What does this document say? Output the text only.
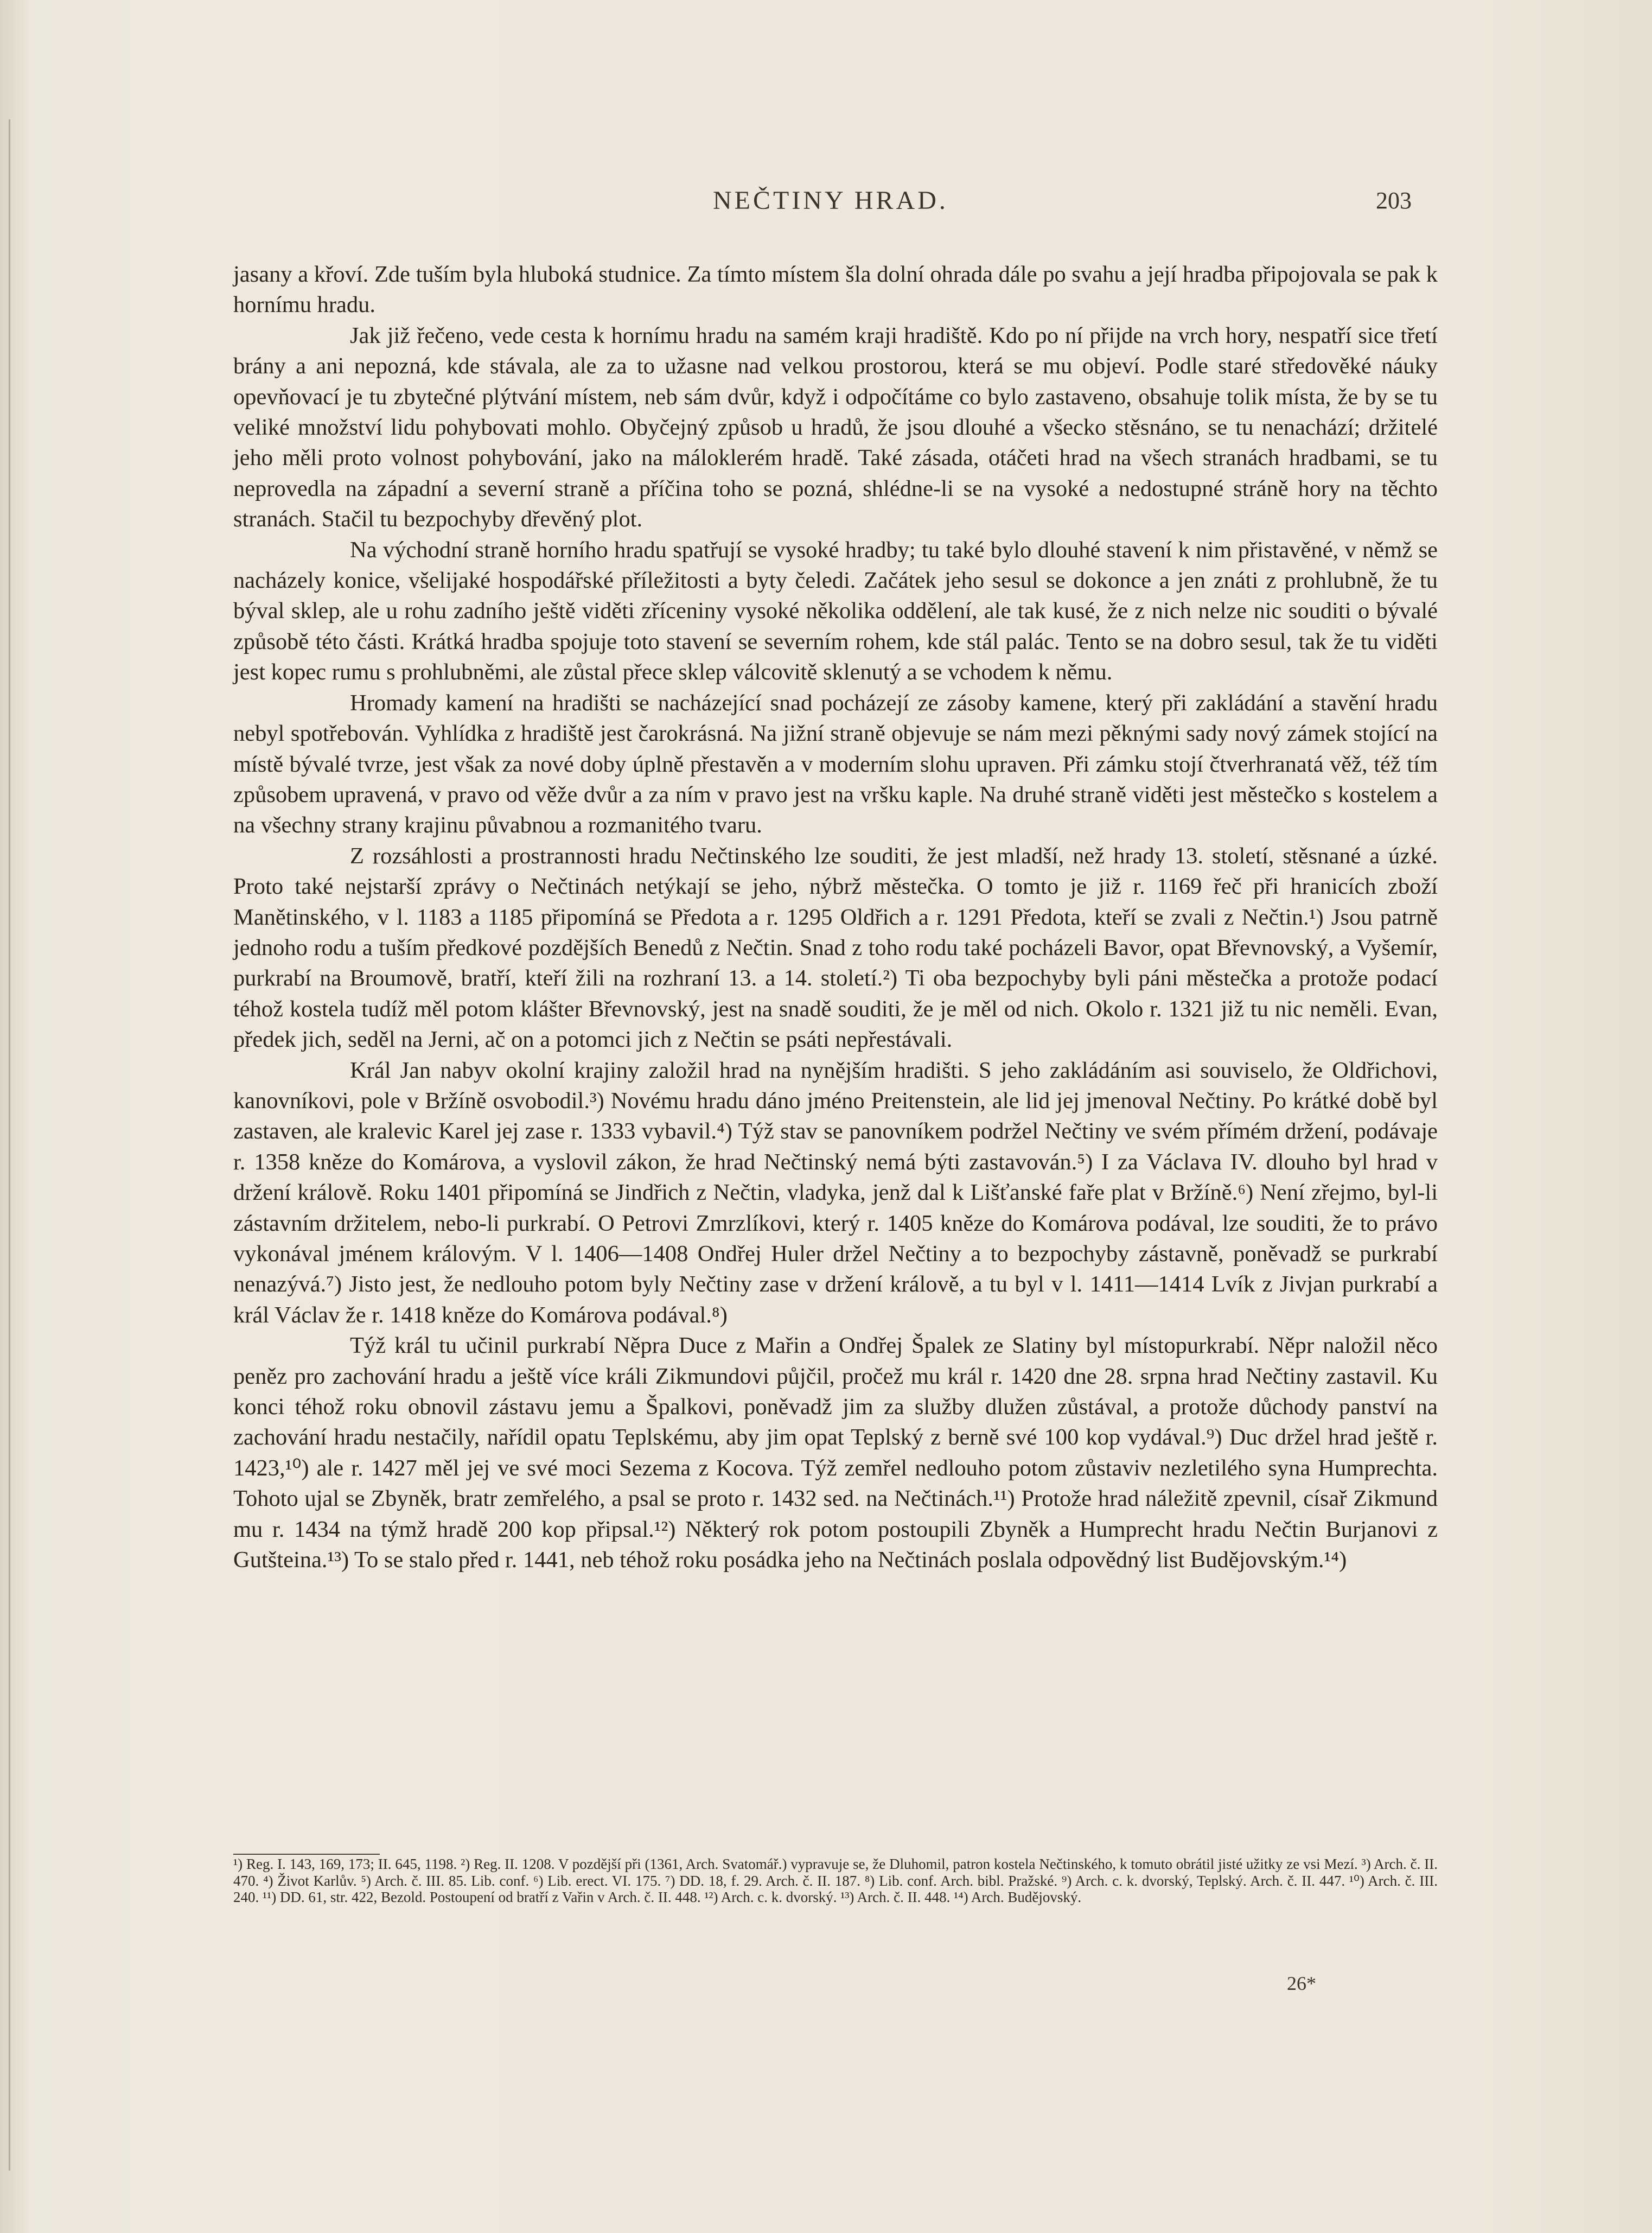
NEČTINY HRAD.	203

jasany a křoví. Zde tuším byla hluboká studnice. Za tímto místem šla dolní ohrada dále po svahu a její hradba připojovala se pak k hornímu hradu.

Jak již řečeno, vede cesta k hornímu hradu na samém kraji hradiště. Kdo po ní přijde na vrch hory, nespatří sice třetí brány a ani nepozná, kde stávala, ale za to užasne nad velkou prostorou, která se mu objeví. Podle staré středověké náuky opevňovací je tu zbytečné plýtvání místem, neb sám dvůr, když i odpočítáme co bylo zastaveno, obsahuje tolik místa, že by se tu veliké množství lidu pohybovati mohlo. Obyčejný způsob u hradů, že jsou dlouhé a všecko stěsnáno, se tu nenachází; držitelé jeho měli proto volnost pohybování, jako na máloklerém hradě. Také zásada, otáčeti hrad na všech stranách hradbami, se tu neprovedla na západní a severní straně a příčina toho se pozná, shlédne-li se na vysoké a nedostupné stráně hory na těchto stranách. Stačil tu bezpochyby dřevěný plot.

Na východní straně horního hradu spatřují se vysoké hradby; tu také bylo dlouhé stavení k nim přistavěné, v němž se nacházely konice, všelijaké hospodářské příležitosti a byty čeledi. Začátek jeho sesul se dokonce a jen znáti z prohlubně, že tu býval sklep, ale u rohu zadního ještě viděti zříceniny vysoké několika oddělení, ale tak kusé, že z nich nelze nic souditi o bývalé způsobě této části. Krátká hradba spojuje toto stavení se severním rohem, kde stál palác. Tento se na dobro sesul, tak že tu viděti jest kopec rumu s prohlubněmi, ale zůstal přece sklep válcovitě sklenutý a se vchodem k němu.

Hromady kamení na hradišti se nacházející snad pocházejí ze zásoby kamene, který při zakládání a stavění hradu nebyl spotřebován. Vyhlídka z hradiště jest čarokrásná. Na jižní straně objevuje se nám mezi pěknými sady nový zámek stojící na místě bývalé tvrze, jest však za nové doby úplně přestavěn a v moderním slohu upraven. Při zámku stojí čtverhranatá věž, též tím způsobem upravená, v pravo od věže dvůr a za ním v pravo jest na vršku kaple. Na druhé straně viděti jest městečko s kostelem a na všechny strany krajinu půvabnou a rozmanitého tvaru.

Z rozsáhlosti a prostrannosti hradu Nečtinského lze souditi, že jest mladší, než hrady 13. století, stěsnané a úzké. Proto také nejstarší zprávy o Nečtinách netýkají se jeho, nýbrž městečka. O tomto je již r. 1169 řeč při hranicích zboží Manětinského, v l. 1183 a 1185 připomíná se Předota a r. 1295 Oldřich a r. 1291 Předota, kteří se zvali z Nečtin.¹) Jsou patrně jednoho rodu a tuším předkové pozdějších Benedů z Nečtin. Snad z toho rodu také pocházeli Bavor, opat Břevnovský, a Vyšemír, purkrabí na Broumově, bratří, kteří žili na rozhraní 13. a 14. století.²) Ti oba bezpochyby byli páni městečka a protože podací téhož kostela tudíž měl potom klášter Břevnovský, jest na snadě souditi, že je měl od nich. Okolo r. 1321 již tu nic neměli. Evan, předek jich, seděl na Jerni, ač on a potomci jich z Nečtin se psáti nepřestávali.

Král Jan nabyv okolní krajiny založil hrad na nynějším hradišti. S jeho zakládáním asi souviselo, že Oldřichovi, kanovníkovi, pole v Bržíně osvobodil.³) Novému hradu dáno jméno Preitenstein, ale lid jej jmenoval Nečtiny. Po krátké době byl zastaven, ale kralevic Karel jej zase r. 1333 vybavil.⁴) Týž stav se panovníkem podržel Nečtiny ve svém přímém držení, podávaje r. 1358 kněze do Komárova, a vyslovil zákon, že hrad Nečtinský nemá býti zastavován.⁵) I za Václava IV. dlouho byl hrad v držení králově. Roku 1401 připomíná se Jindřich z Nečtin, vladyka, jenž dal k Lišťanské faře plat v Bržíně.⁶) Není zřejmo, byl-li zástavním držitelem, nebo-li purkrabí. O Petrovi Zmrzlíkovi, který r. 1405 kněze do Komárova podával, lze souditi, že to právo vykonával jménem královým. V l. 1406—1408 Ondřej Huler držel Nečtiny a to bezpochyby zástavně, poněvadž se purkrabí nenazývá.⁷) Jisto jest, že nedlouho potom byly Nečtiny zase v držení králově, a tu byl v l. 1411—1414 Lvík z Jivjan purkrabí a král Václav že r. 1418 kněze do Komárova podával.⁸)

Týž král tu učinil purkrabí Něpra Duce z Mařin a Ondřej Špalek ze Slatiny byl místopurkrabí. Něpr naložil něco peněz pro zachování hradu a ještě více králi Zikmundovi půjčil, pročež mu král r. 1420 dne 28. srpna hrad Nečtiny zastavil. Ku konci téhož roku obnovil zástavu jemu a Špalkovi, poněvadž jim za služby dlužen zůstával, a protože důchody panství na zachování hradu nestačily, nařídil opatu Teplskému, aby jim opat Teplský z berně své 100 kop vydával.⁹) Duc držel hrad ještě r. 1423,¹⁰) ale r. 1427 měl jej ve své moci Sezema z Kocova. Týž zemřel nedlouho potom zůstaviv nezletilého syna Humprechta. Tohoto ujal se Zbyněk, bratr zemřelého, a psal se proto r. 1432 sed. na Nečtinách.¹¹) Protože hrad náležitě zpevnil, císař Zikmund mu r. 1434 na týmž hradě 200 kop připsal.¹²) Některý rok potom postoupili Zbyněk a Humprecht hradu Nečtin Burjanovi z Gutšteina.¹³) To se stalo před r. 1441, neb téhož roku posádka jeho na Nečtinách poslala odpovědný list Budějovským.¹⁴)

¹) Reg. I. 143, 169, 173; II. 645, 1198. ²) Reg. II. 1208. V pozdější při (1361, Arch. Svatomář.) vypravuje se, že Dluhomil, patron kostela Nečtinského, k tomuto obrátil jisté užitky ze vsi Mezí. ³) Arch. č. II. 470. ⁴) Život Karlův. ⁵) Arch. č. III. 85. Lib. conf. ⁶) Lib. erect. VI. 175. ⁷) DD. 18, f. 29. Arch. č. II. 187. ⁸) Lib. conf. Arch. bibl. Pražské. ⁹) Arch. c. k. dvorský, Teplský. Arch. č. II. 447. ¹⁰) Arch. č. III. 240. ¹¹) DD. 61, str. 422, Bezold. Postoupení od bratří z Vařin v Arch. č. II. 448. ¹²) Arch. c. k. dvorský. ¹³) Arch. č. II. 448. ¹⁴) Arch. Budějovský.
26*
